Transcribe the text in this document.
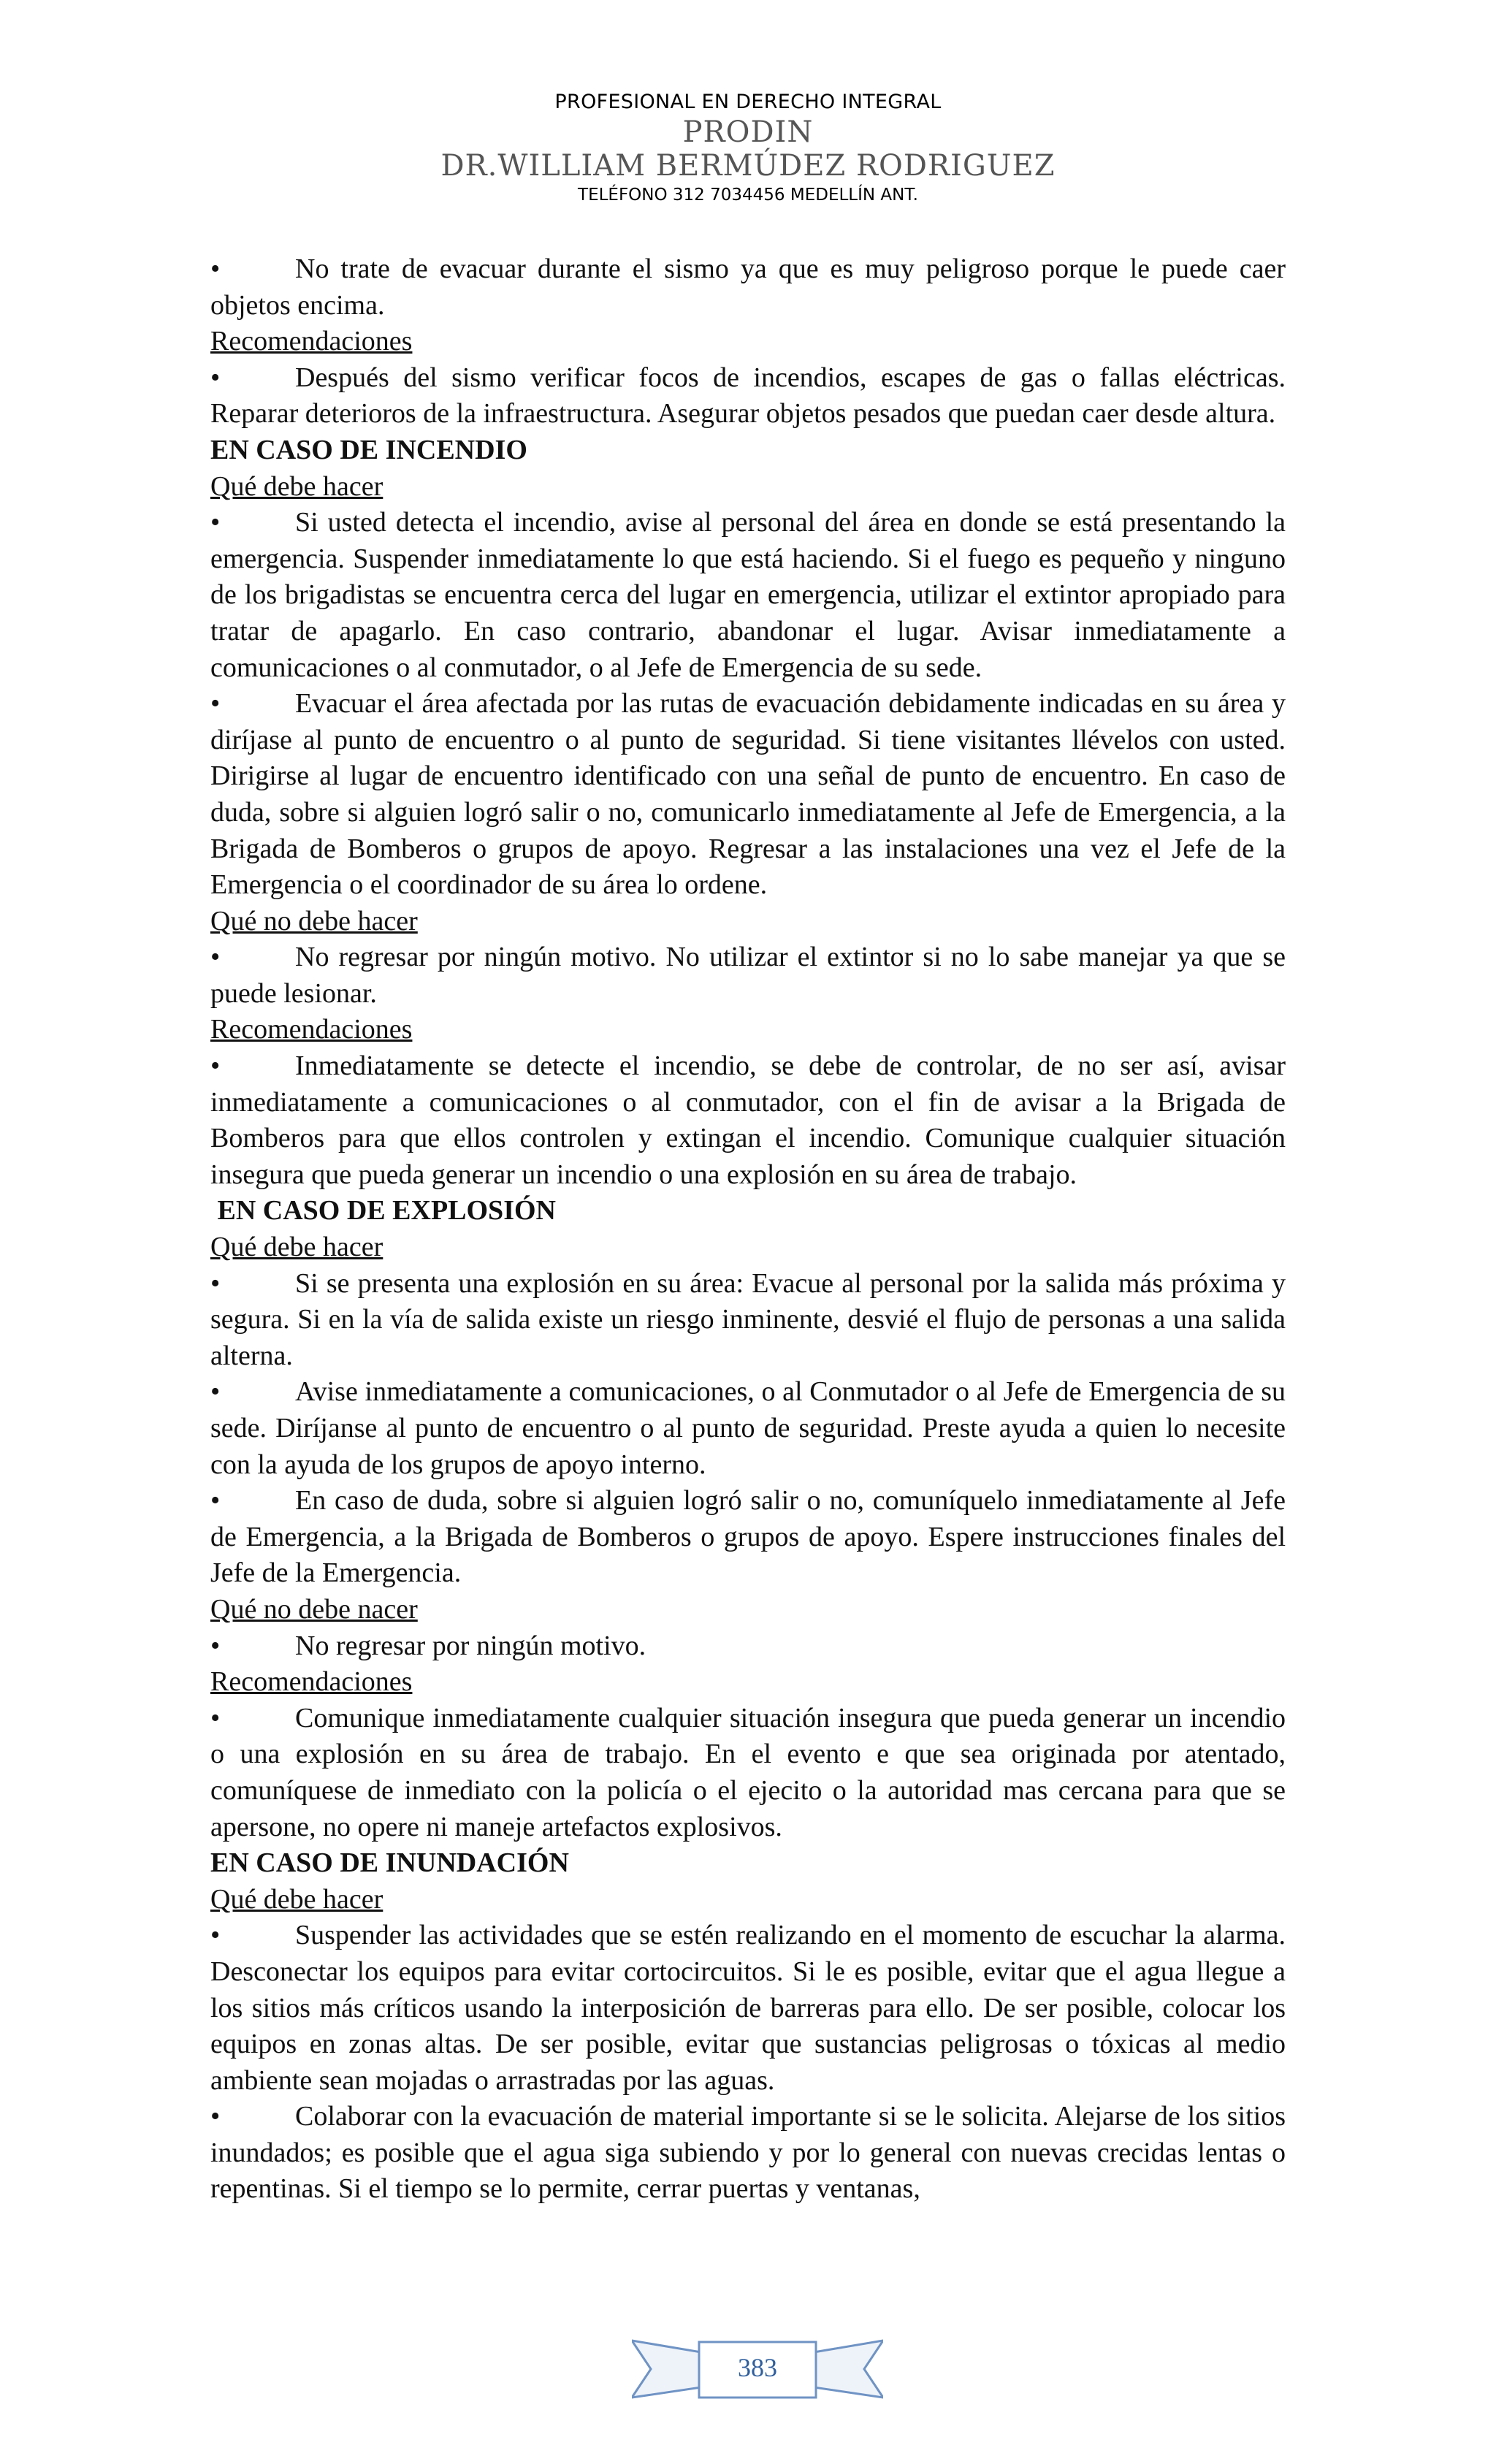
PROFESIONAL EN DERECHO INTEGRAL
PRODIN
DR.WILLIAM BERMÚDEZ RODRIGUEZ
TELÉFONO 312 7034456 MEDELLÍN ANT.

•	No trate de evacuar durante el sismo ya que es muy peligroso porque le puede caer objetos encima.

Recomendaciones

•	Después del sismo verificar focos de incendios, escapes de gas o fallas eléctricas. Reparar deterioros de la infraestructura. Asegurar objetos pesados que puedan caer desde altura.

EN CASO DE INCENDIO

Qué debe hacer

•	Si usted detecta el incendio, avise al personal del área en donde se está presentando la emergencia. Suspender inmediatamente lo que está haciendo. Si el fuego es pequeño y ninguno de los brigadistas se encuentra cerca del lugar en emergencia, utilizar el extintor apropiado para tratar de apagarlo. En caso contrario, abandonar el lugar. Avisar inmediatamente a comunicaciones o al conmutador, o al Jefe de Emergencia de su sede.

•	Evacuar el área afectada por las rutas de evacuación debidamente indicadas en su área y diríjase al punto de encuentro o al punto de seguridad. Si tiene visitantes llévelos con usted. Dirigirse al lugar de encuentro identificado con una señal de punto de encuentro. En caso de duda, sobre si alguien logró salir o no, comunicarlo inmediatamente al Jefe de Emergencia, a la Brigada de Bomberos o grupos de apoyo. Regresar a las instalaciones una vez el Jefe de la Emergencia o el coordinador de su área lo ordene.

Qué no debe hacer

•	No regresar por ningún motivo. No utilizar el extintor si no lo sabe manejar ya que se puede lesionar.

Recomendaciones

•	Inmediatamente se detecte el incendio, se debe de controlar, de no ser así, avisar inmediatamente a comunicaciones o al conmutador, con el fin de avisar a la Brigada de Bomberos para que ellos controlen y extingan el incendio. Comunique cualquier situación insegura que pueda generar un incendio o una explosión en su área de trabajo.

EN CASO DE EXPLOSIÓN

Qué debe hacer

•	Si se presenta una explosión en su área: Evacue al personal por la salida más próxima y segura. Si en la vía de salida existe un riesgo inminente, desvié el flujo de personas a una salida alterna.

•	Avise inmediatamente a comunicaciones, o al Conmutador o al Jefe de Emergencia de su sede. Diríjanse al punto de encuentro o al punto de seguridad. Preste ayuda a quien lo necesite con la ayuda de los grupos de apoyo interno.

•	En caso de duda, sobre si alguien logró salir o no, comuníquelo inmediatamente al Jefe de Emergencia, a la Brigada de Bomberos o grupos de apoyo. Espere instrucciones finales del Jefe de la Emergencia.

Qué no debe nacer

•	No regresar por ningún motivo.

Recomendaciones

•	Comunique inmediatamente cualquier situación insegura que pueda generar un incendio o una explosión en su área de trabajo. En el evento e que sea originada por atentado, comuníquese de inmediato con la policía o el ejecito o la autoridad mas cercana para que se apersone, no opere ni maneje artefactos explosivos.

EN CASO DE INUNDACIÓN

Qué debe hacer

•	Suspender las actividades que se estén realizando en el momento de escuchar la alarma. Desconectar los equipos para evitar cortocircuitos. Si le es posible, evitar que el agua llegue a los sitios más críticos usando la interposición de barreras para ello. De ser posible, colocar los equipos en zonas altas. De ser posible, evitar que sustancias peligrosas o tóxicas al medio ambiente sean mojadas o arrastradas por las aguas.

•	Colaborar con la evacuación de material importante si se le solicita. Alejarse de los sitios inundados; es posible que el agua siga subiendo y por lo general con nuevas crecidas lentas o repentinas. Si el tiempo se lo permite, cerrar puertas y ventanas,

383
